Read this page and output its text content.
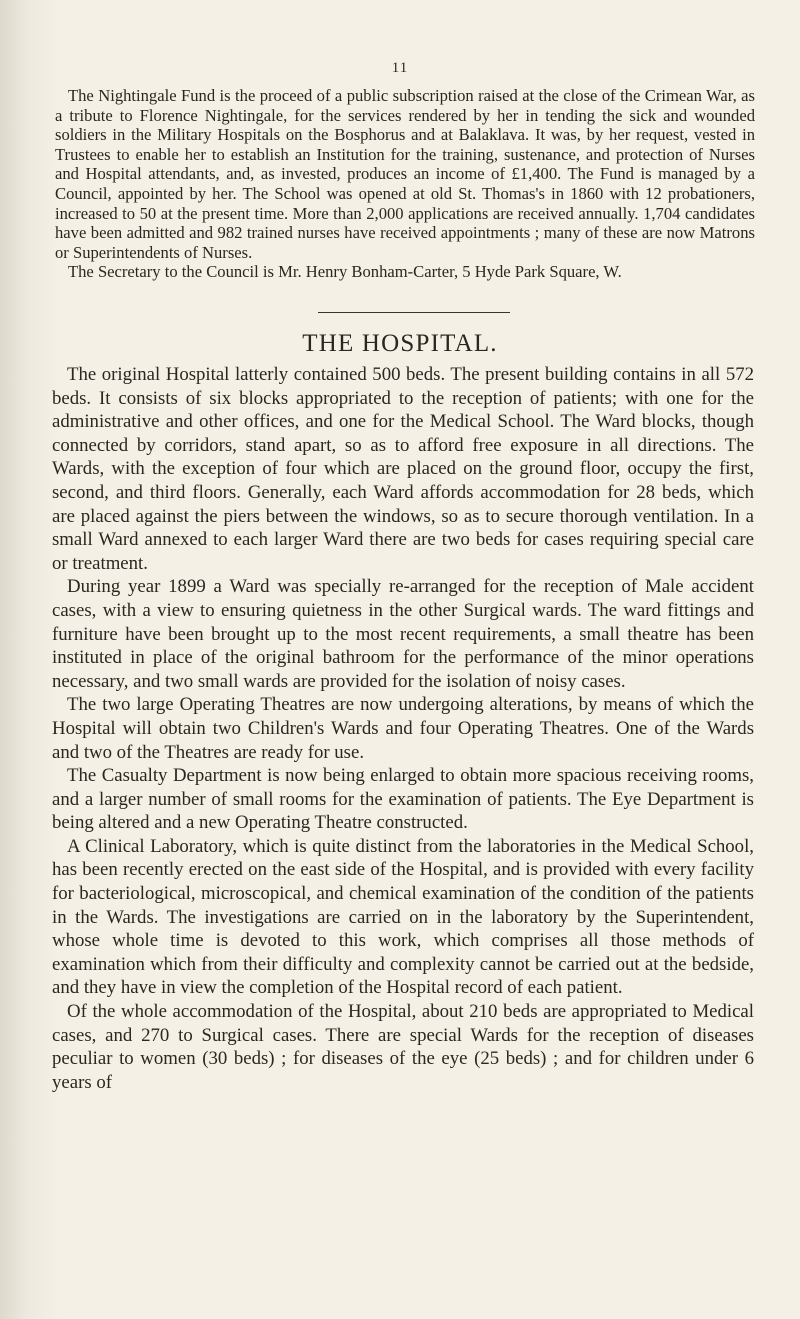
11

The Nightingale Fund is the proceed of a public subscription raised at the close of the Crimean War, as a tribute to Florence Nightingale, for the services rendered by her in tending the sick and wounded soldiers in the Military Hospitals on the Bosphorus and at Balaklava. It was, by her request, vested in Trustees to enable her to establish an Institution for the training, sustenance, and protection of Nurses and Hospital attendants, and, as invested, produces an income of £1,400. The Fund is managed by a Council, appointed by her. The School was opened at old St. Thomas's in 1860 with 12 probationers, increased to 50 at the present time. More than 2,000 applications are received annually. 1,704 candidates have been admitted and 982 trained nurses have received appointments ; many of these are now Matrons or Superintendents of Nurses.

The Secretary to the Council is Mr. Henry Bonham-Carter, 5 Hyde Park Square, W.

THE HOSPITAL.

The original Hospital latterly contained 500 beds. The present building contains in all 572 beds. It consists of six blocks appropriated to the reception of patients; with one for the administrative and other offices, and one for the Medical School. The Ward blocks, though connected by corridors, stand apart, so as to afford free exposure in all directions. The Wards, with the exception of four which are placed on the ground floor, occupy the first, second, and third floors. Generally, each Ward affords accommodation for 28 beds, which are placed against the piers between the windows, so as to secure thorough ventilation. In a small Ward annexed to each larger Ward there are two beds for cases requiring special care or treatment.

During year 1899 a Ward was specially re-arranged for the reception of Male accident cases, with a view to ensuring quietness in the other Surgical wards. The ward fittings and furniture have been brought up to the most recent requirements, a small theatre has been instituted in place of the original bathroom for the performance of the minor operations necessary, and two small wards are provided for the isolation of noisy cases.

The two large Operating Theatres are now undergoing alterations, by means of which the Hospital will obtain two Children's Wards and four Operating Theatres. One of the Wards and two of the Theatres are ready for use.

The Casualty Department is now being enlarged to obtain more spacious receiving rooms, and a larger number of small rooms for the examination of patients. The Eye Department is being altered and a new Operating Theatre constructed.

A Clinical Laboratory, which is quite distinct from the laboratories in the Medical School, has been recently erected on the east side of the Hospital, and is provided with every facility for bacteriological, microscopical, and chemical examination of the condition of the patients in the Wards. The investigations are carried on in the laboratory by the Superintendent, whose whole time is devoted to this work, which comprises all those methods of examination which from their difficulty and complexity cannot be carried out at the bedside, and they have in view the completion of the Hospital record of each patient.

Of the whole accommodation of the Hospital, about 210 beds are appropriated to Medical cases, and 270 to Surgical cases. There are special Wards for the reception of diseases peculiar to women (30 beds) ; for diseases of the eye (25 beds) ; and for children under 6 years of
